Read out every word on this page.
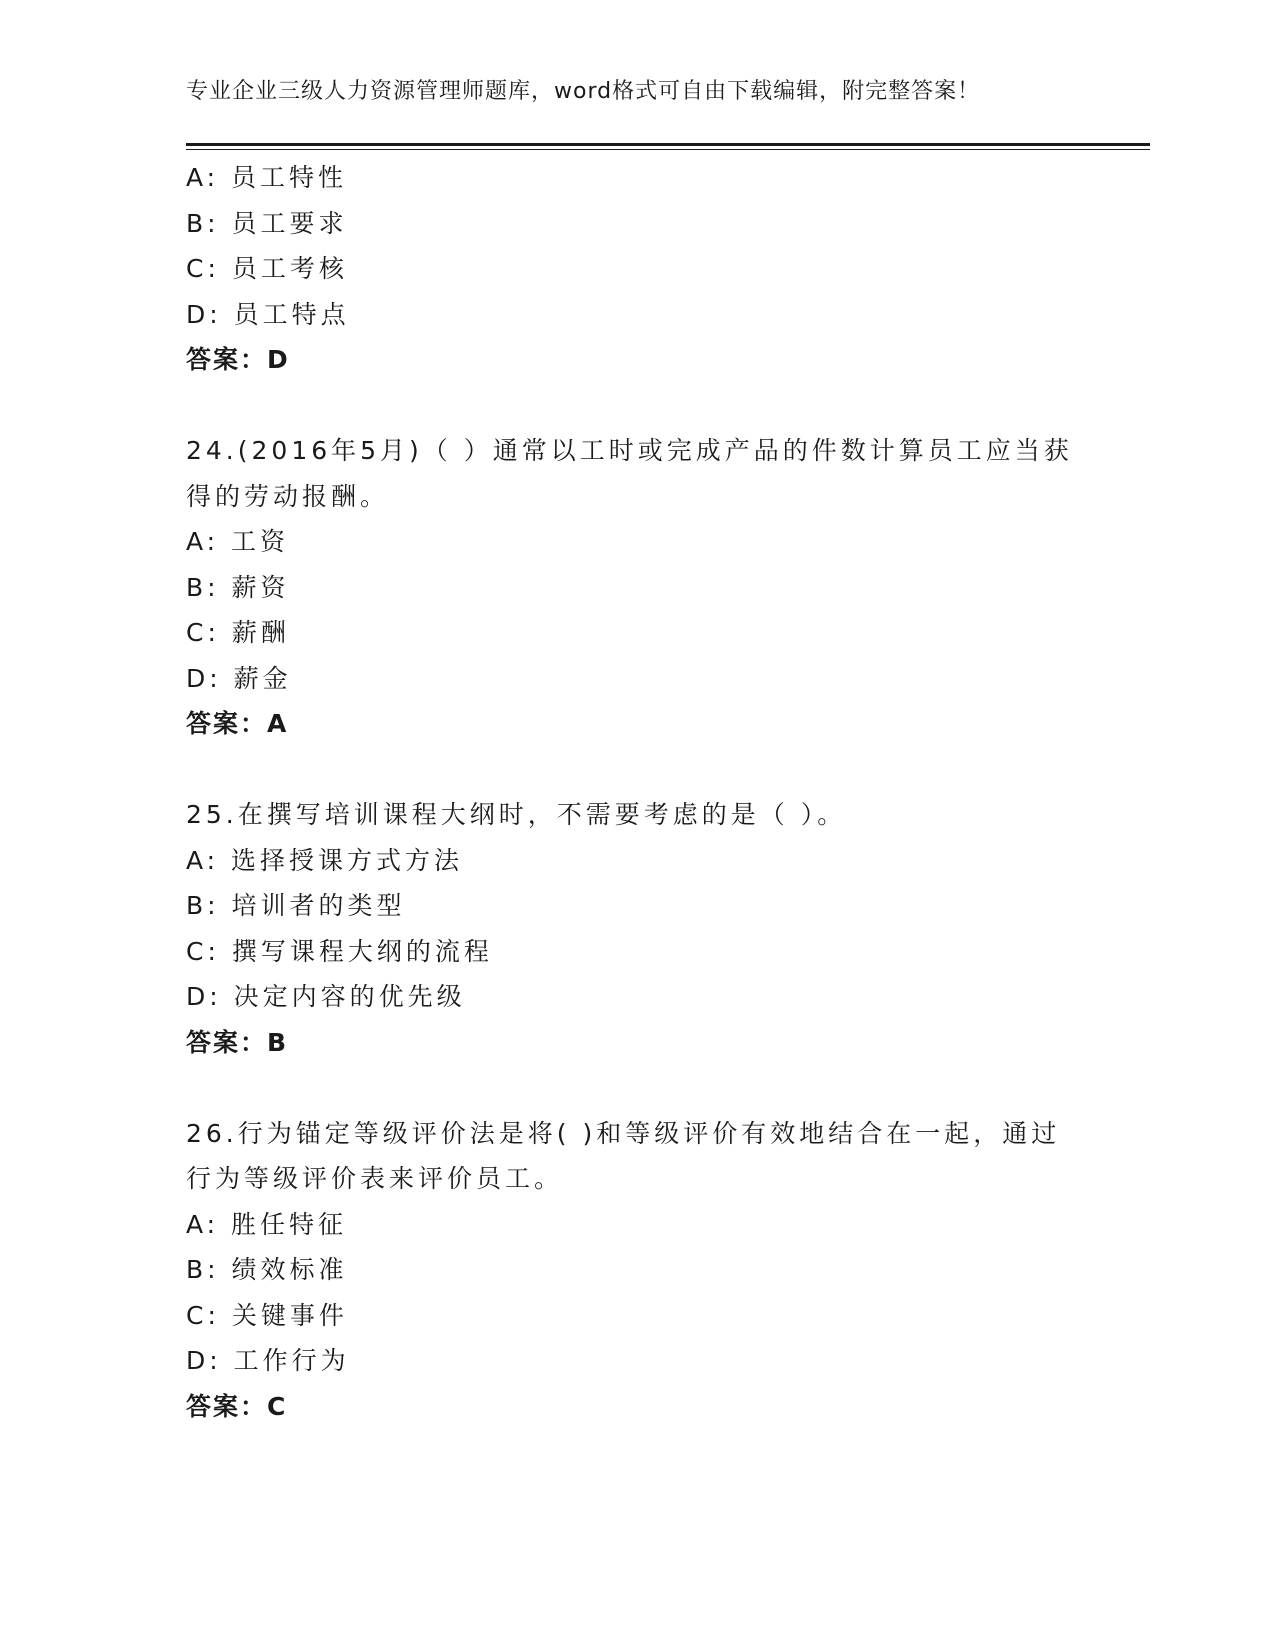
专业企业三级人力资源管理师题库，word格式可自由下载编辑，附完整答案！
A: 员工特性
B: 员工要求
C: 员工考核
D: 员工特点
答案：D
24.(2016年5月)（ ）通常以工时或完成产品的件数计算员工应当获
得的劳动报酬。
A: 工资
B: 薪资
C: 薪酬
D: 薪金
答案：A
25.在撰写培训课程大纲时，不需要考虑的是（ ）。
A: 选择授课方式方法
B: 培训者的类型
C: 撰写课程大纲的流程
D: 决定内容的优先级
答案：B
26.行为锚定等级评价法是将( )和等级评价有效地结合在一起，通过
行为等级评价表来评价员工。
A: 胜任特征
B: 绩效标准
C: 关键事件
D: 工作行为
答案：C
